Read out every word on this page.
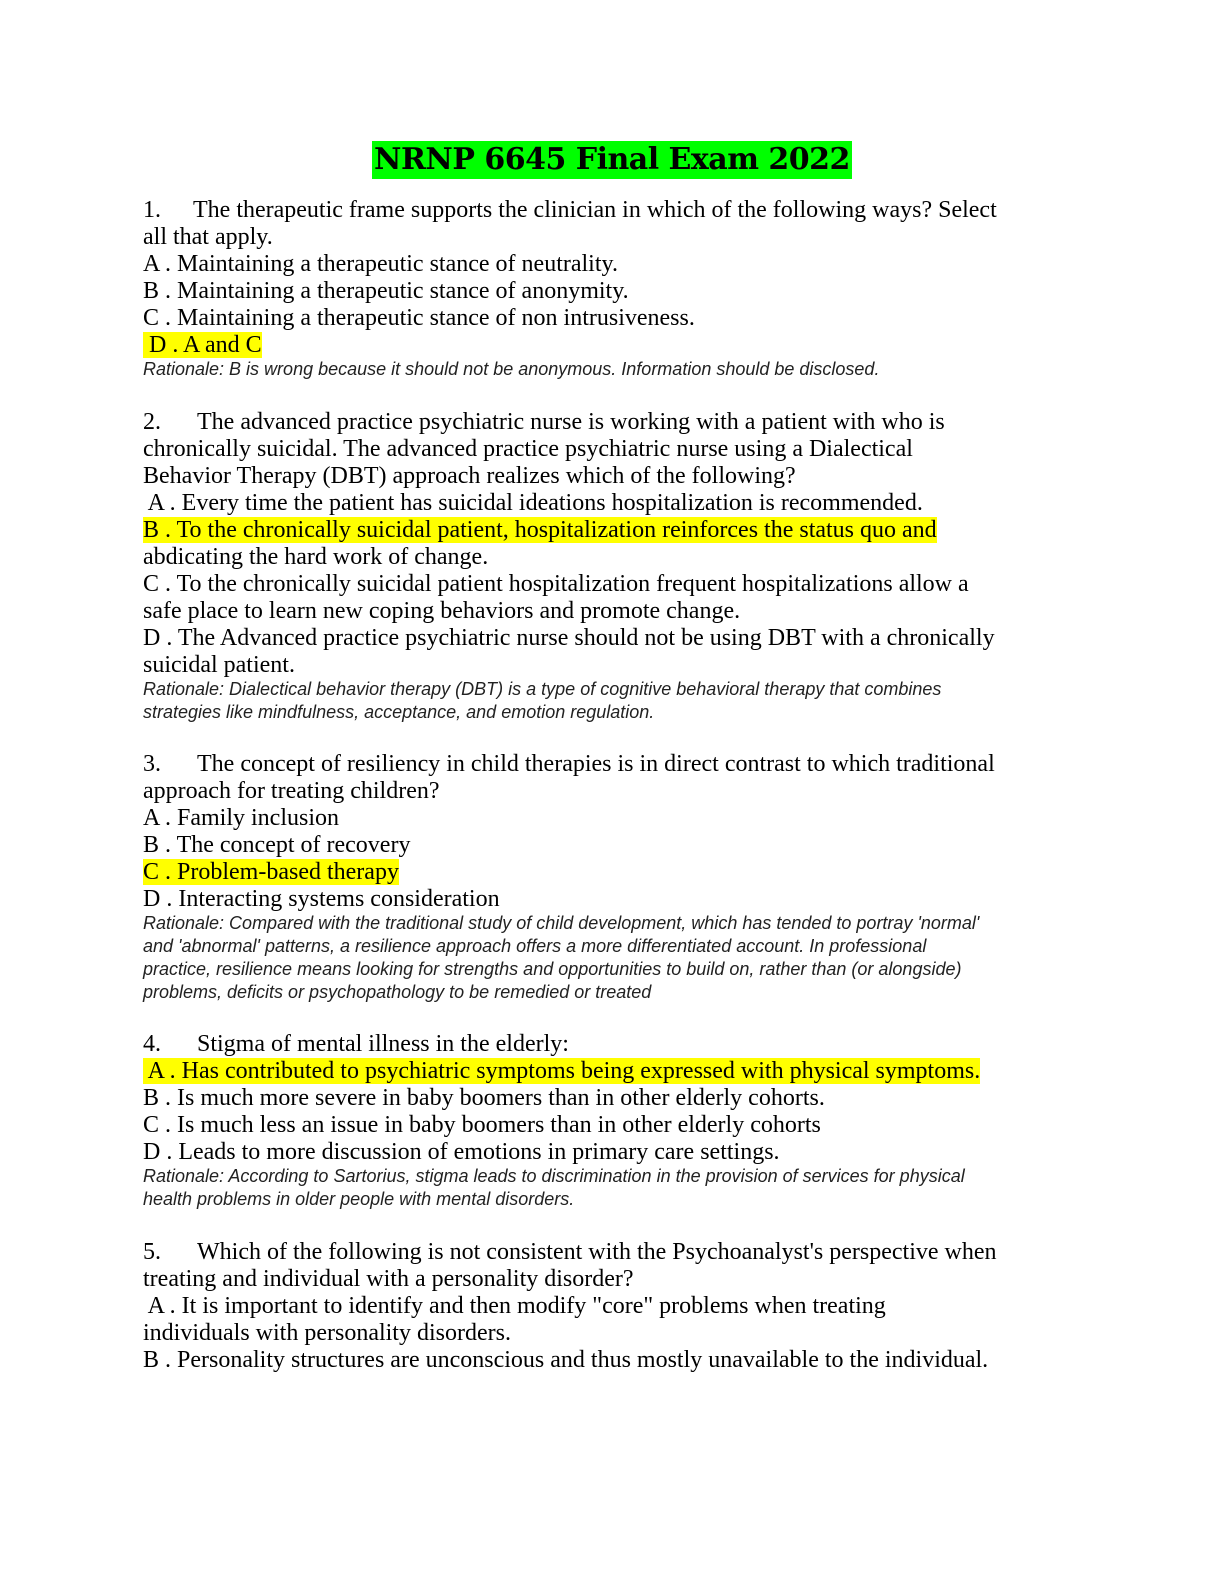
NRNP 6645 Final Exam 2022
1. The therapeutic frame supports the clinician in which of the following ways? Select
all that apply.
A . Maintaining a therapeutic stance of neutrality.
B . Maintaining a therapeutic stance of anonymity.
C . Maintaining a therapeutic stance of non intrusiveness.
D . A and C
Rationale: B is wrong because it should not be anonymous. Information should be disclosed.
2. The advanced practice psychiatric nurse is working with a patient with who is
chronically suicidal. The advanced practice psychiatric nurse using a Dialectical
Behavior Therapy (DBT) approach realizes which of the following?
A . Every time the patient has suicidal ideations hospitalization is recommended.
B . To the chronically suicidal patient, hospitalization reinforces the status quo and
abdicating the hard work of change.
C . To the chronically suicidal patient hospitalization frequent hospitalizations allow a
safe place to learn new coping behaviors and promote change.
D . The Advanced practice psychiatric nurse should not be using DBT with a chronically
suicidal patient.
Rationale: Dialectical behavior therapy (DBT) is a type of cognitive behavioral therapy that combines
strategies like mindfulness, acceptance, and emotion regulation.
3. The concept of resiliency in child therapies is in direct contrast to which traditional
approach for treating children?
A . Family inclusion
B . The concept of recovery
C . Problem-based therapy
D . Interacting systems consideration
Rationale: Compared with the traditional study of child development, which has tended to portray 'normal'
and 'abnormal' patterns, a resilience approach offers a more differentiated account. In professional
practice, resilience means looking for strengths and opportunities to build on, rather than (or alongside)
problems, deficits or psychopathology to be remedied or treated
4. Stigma of mental illness in the elderly:
A . Has contributed to psychiatric symptoms being expressed with physical symptoms.
B . Is much more severe in baby boomers than in other elderly cohorts.
C . Is much less an issue in baby boomers than in other elderly cohorts
D . Leads to more discussion of emotions in primary care settings.
Rationale: According to Sartorius, stigma leads to discrimination in the provision of services for physical
health problems in older people with mental disorders.
5. Which of the following is not consistent with the Psychoanalyst's perspective when
treating and individual with a personality disorder?
A . It is important to identify and then modify "core" problems when treating
individuals with personality disorders.
B . Personality structures are unconscious and thus mostly unavailable to the individual.
